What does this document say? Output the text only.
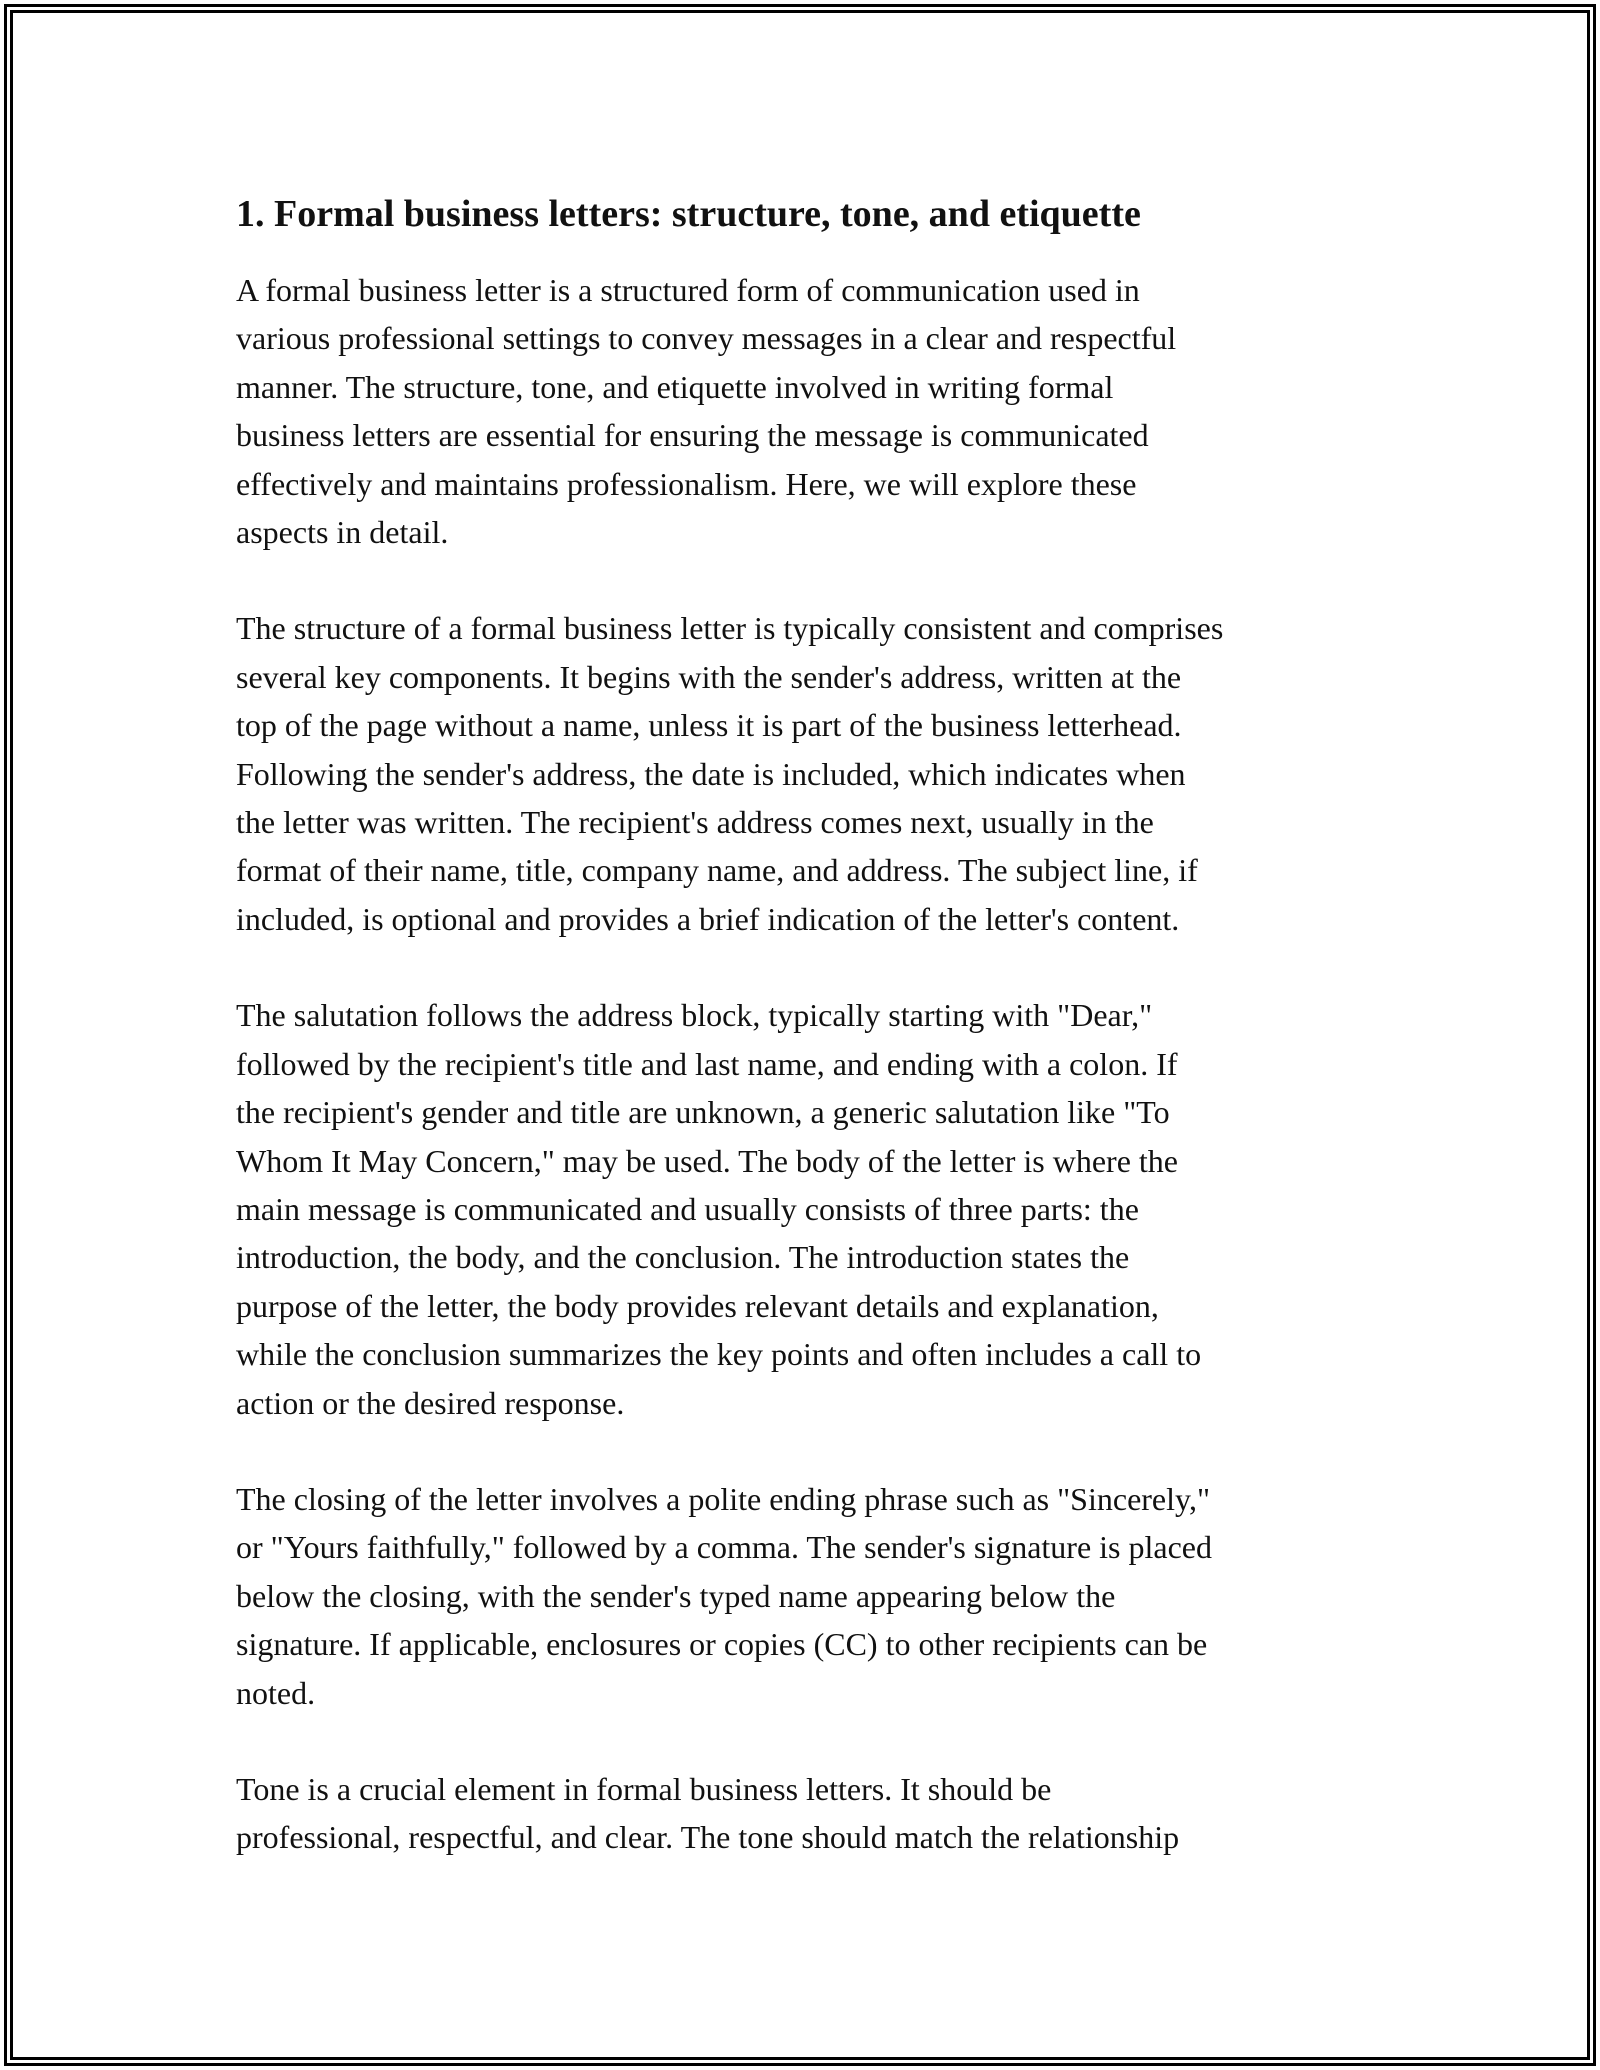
1. Formal business letters: structure, tone, and etiquette

A formal business letter is a structured form of communication used in
various professional settings to convey messages in a clear and respectful
manner. The structure, tone, and etiquette involved in writing formal
business letters are essential for ensuring the message is communicated
effectively and maintains professionalism. Here, we will explore these
aspects in detail.

The structure of a formal business letter is typically consistent and comprises
several key components. It begins with the sender's address, written at the
top of the page without a name, unless it is part of the business letterhead.
Following the sender's address, the date is included, which indicates when
the letter was written. The recipient's address comes next, usually in the
format of their name, title, company name, and address. The subject line, if
included, is optional and provides a brief indication of the letter's content.

The salutation follows the address block, typically starting with "Dear,"
followed by the recipient's title and last name, and ending with a colon. If
the recipient's gender and title are unknown, a generic salutation like "To
Whom It May Concern," may be used. The body of the letter is where the
main message is communicated and usually consists of three parts: the
introduction, the body, and the conclusion. The introduction states the
purpose of the letter, the body provides relevant details and explanation,
while the conclusion summarizes the key points and often includes a call to
action or the desired response.

The closing of the letter involves a polite ending phrase such as "Sincerely,"
or "Yours faithfully," followed by a comma. The sender's signature is placed
below the closing, with the sender's typed name appearing below the
signature. If applicable, enclosures or copies (CC) to other recipients can be
noted.

Tone is a crucial element in formal business letters. It should be
professional, respectful, and clear. The tone should match the relationship
